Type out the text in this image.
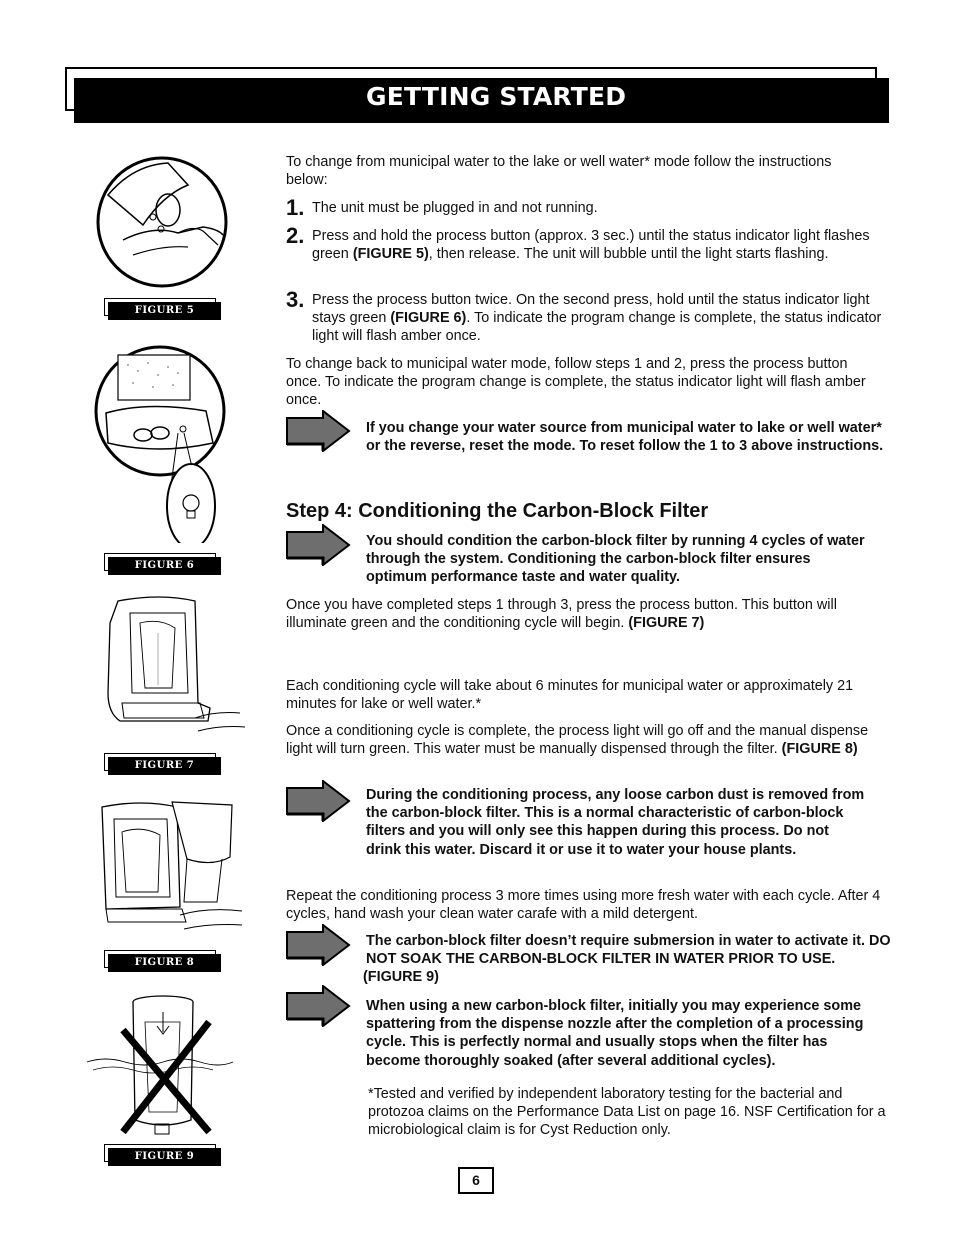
GETTING STARTED
FIGURE 5
FIGURE 6
FIGURE 7
FIGURE 8
FIGURE 9
To change from municipal water to the lake or well water* mode follow the instructions below:
1. The unit must be plugged in and not running.
2. Press and hold the process button (approx. 3 sec.) until the status indicator light flashes green (FIGURE 5), then release. The unit will bubble until the light starts flashing.
3. Press the process button twice. On the second press, hold until the status indicator light stays green (FIGURE 6). To indicate the program change is complete, the status indicator light will flash amber once.
To change back to municipal water mode, follow steps 1 and 2, press the process button once. To indicate the program change is complete, the status indicator light will flash amber once.
If you change your water source from municipal water to lake or well water* or the reverse, reset the mode. To reset follow the 1 to 3 above instructions.
Step 4: Conditioning the Carbon-Block Filter
You should condition the carbon-block filter by running 4 cycles of water through the system. Conditioning the carbon-block filter ensures optimum performance taste and water quality.
Once you have completed steps 1 through 3, press the process button. This button will illuminate green and the conditioning cycle will begin. (FIGURE 7)
Each conditioning cycle will take about 6 minutes for municipal water or approximately 21 minutes for lake or well water.*
Once a conditioning cycle is complete, the process light will go off and the manual dispense light will turn green. This water must be manually dispensed through the filter. (FIGURE 8)
During the conditioning process, any loose carbon dust is removed from the carbon-block filter. This is a normal characteristic of carbon-block filters and you will only see this happen during this process. Do not drink this water. Discard it or use it to water your house plants.
Repeat the conditioning process 3 more times using more fresh water with each cycle. After 4 cycles, hand wash your clean water carafe with a mild detergent.
The carbon-block filter doesn’t require submersion in water to activate it. DO NOT SOAK THE CARBON-BLOCK FILTER IN WATER PRIOR TO USE.
(FIGURE 9)
When using a new carbon-block filter, initially you may experience some spattering from the dispense nozzle after the completion of a processing cycle. This is perfectly normal and usually stops when the filter has become thoroughly soaked (after several additional cycles).
*Tested and verified by independent laboratory testing for the bacterial and protozoa claims on the Performance Data List on page 16. NSF Certification for a microbiological claim is for Cyst Reduction only.
6
